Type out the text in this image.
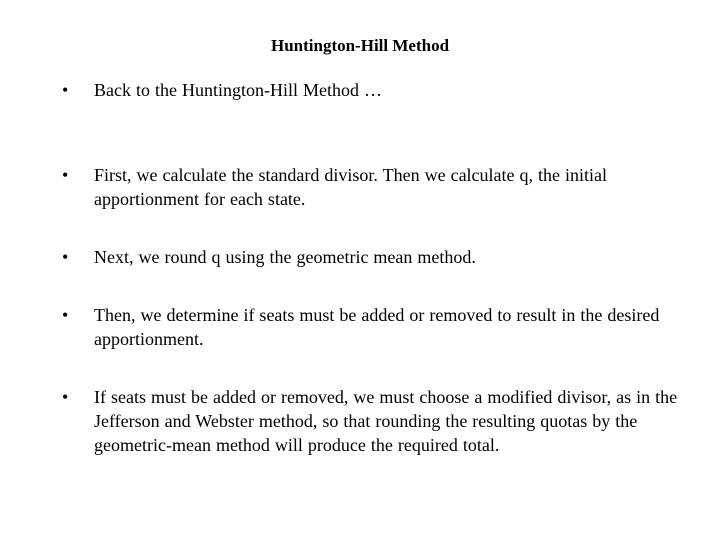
Huntington-Hill Method
•	Back to the Huntington-Hill Method …
•	First, we calculate the standard divisor. Then we calculate q, the initial apportionment for each state.
•	Next, we round q using the geometric mean method.
•	Then, we determine if seats must be added or removed to result in the desired apportionment.
•	If seats must be added or removed, we must choose a modified divisor, as in the Jefferson and Webster method, so that rounding the resulting quotas by the geometric-mean method will produce the required total.
